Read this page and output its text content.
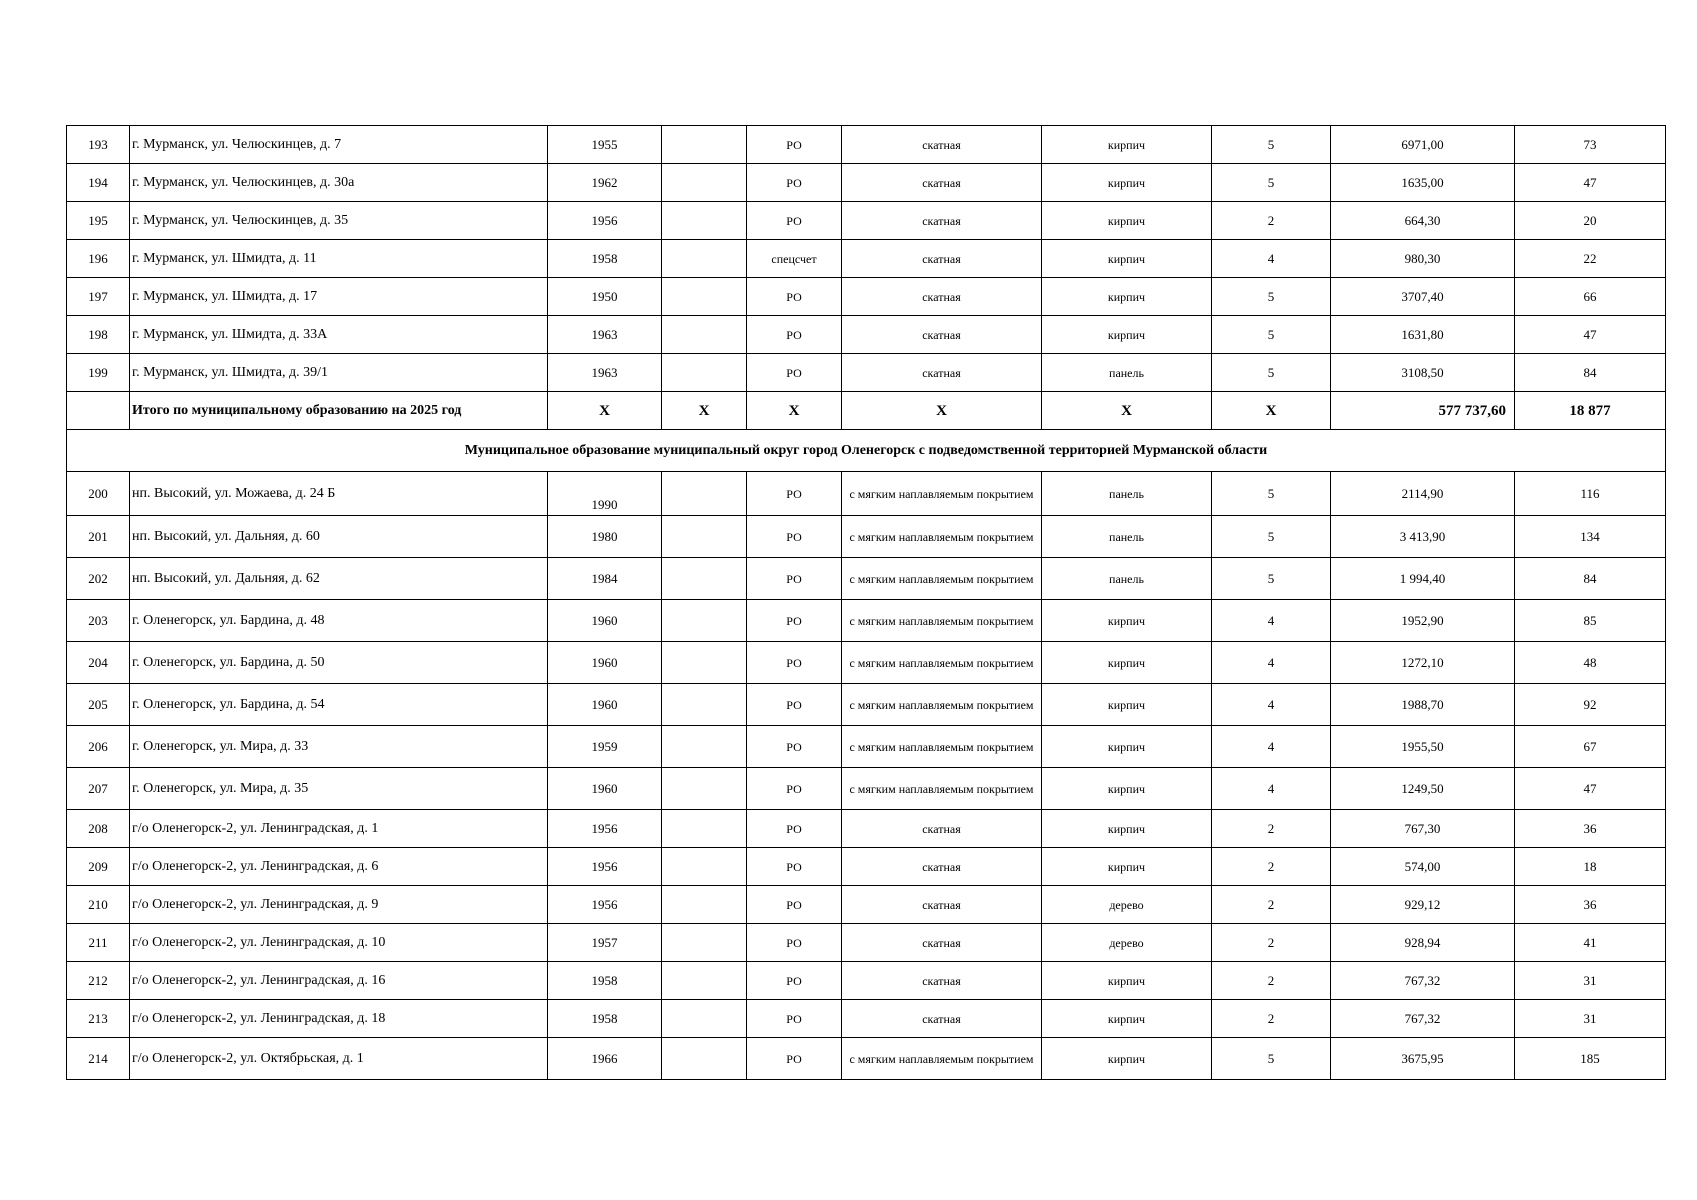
193	г. Мурманск, ул. Челюскинцев, д. 7	1955		РО	скатная	кирпич	5	6971,00	73
194	г. Мурманск, ул. Челюскинцев, д. 30а	1962		РО	скатная	кирпич	5	1635,00	47
195	г. Мурманск, ул. Челюскинцев, д. 35	1956		РО	скатная	кирпич	2	664,30	20
196	г. Мурманск, ул. Шмидта, д. 11	1958		спецсчет	скатная	кирпич	4	980,30	22
197	г. Мурманск, ул. Шмидта, д. 17	1950		РО	скатная	кирпич	5	3707,40	66
198	г. Мурманск, ул. Шмидта, д. 33А	1963		РО	скатная	кирпич	5	1631,80	47
199	г. Мурманск, ул. Шмидта, д. 39/1	1963		РО	скатная	панель	5	3108,50	84
	Итого по муниципальному образованию на 2025 год	X	X	X	X	X	X	577 737,60	18 877
Муниципальное образование муниципальный округ город Оленегорск с подведомственной территорией Мурманской области									
200	нп. Высокий, ул. Можаева, д. 24 Б	1990		РО	с мягким наплавляемым покрытием	панель	5	2114,90	116
201	нп. Высокий, ул. Дальняя, д. 60	1980		РО	с мягким наплавляемым покрытием	панель	5	3 413,90	134
202	нп. Высокий, ул. Дальняя, д. 62	1984		РО	с мягким наплавляемым покрытием	панель	5	1 994,40	84
203	г. Оленегорск, ул. Бардина, д. 48	1960		РО	с мягким наплавляемым покрытием	кирпич	4	1952,90	85
204	г. Оленегорск, ул. Бардина, д. 50	1960		РО	с мягким наплавляемым покрытием	кирпич	4	1272,10	48
205	г. Оленегорск, ул. Бардина, д. 54	1960		РО	с мягким наплавляемым покрытием	кирпич	4	1988,70	92
206	г. Оленегорск, ул. Мира, д. 33	1959		РО	с мягким наплавляемым покрытием	кирпич	4	1955,50	67
207	г. Оленегорск, ул. Мира, д. 35	1960		РО	с мягким наплавляемым покрытием	кирпич	4	1249,50	47
208	г/о Оленегорск-2, ул. Ленинградская, д. 1	1956		РО	скатная	кирпич	2	767,30	36
209	г/о Оленегорск-2, ул. Ленинградская, д. 6	1956		РО	скатная	кирпич	2	574,00	18
210	г/о Оленегорск-2, ул. Ленинградская, д. 9	1956		РО	скатная	дерево	2	929,12	36
211	г/о Оленегорск-2, ул. Ленинградская, д. 10	1957		РО	скатная	дерево	2	928,94	41
212	г/о Оленегорск-2, ул. Ленинградская, д. 16	1958		РО	скатная	кирпич	2	767,32	31
213	г/о Оленегорск-2, ул. Ленинградская, д. 18	1958		РО	скатная	кирпич	2	767,32	31
214	г/о Оленегорск-2, ул. Октябрьская, д. 1	1966		РО	с мягким наплавляемым покрытием	кирпич	5	3675,95	185
